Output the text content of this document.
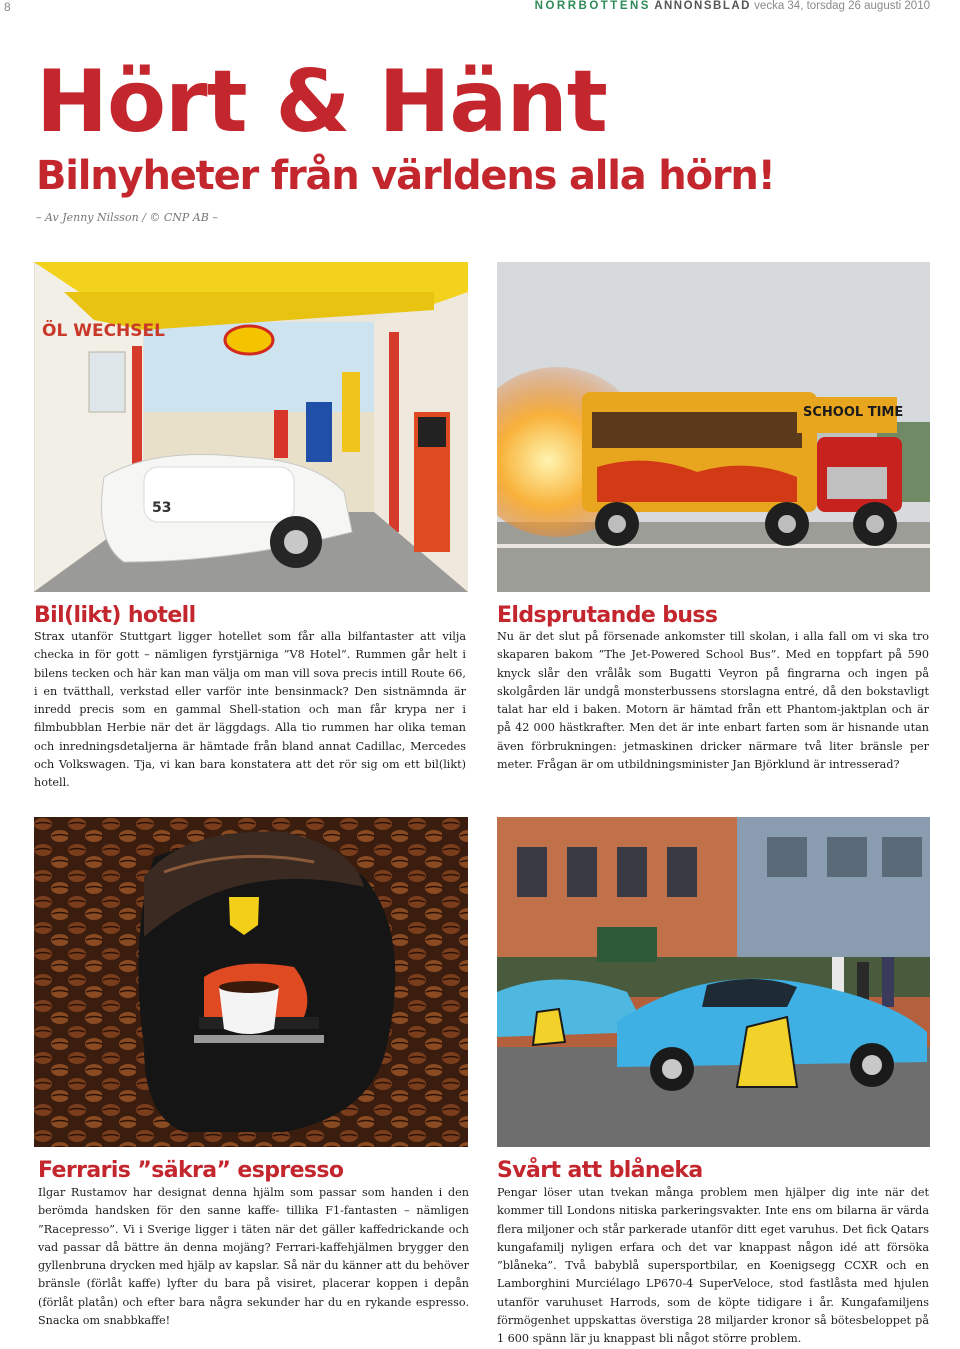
8	NORRBOTTENS ANNONSBLAD vecka 34, torsdag 26 augusti 2010
Hört & Hänt
Bilnyheter från världens alla hörn!
– Av Jenny Nilsson / © CNP AB –
ÖL WECHSEL
53
SCHOOL TIME
Bil(likt) hotell
Strax utanför Stuttgart ligger hotellet som får alla bilfantaster att vilja checka in för gott – nämligen fyrstjärniga ”V8 Hotel”. Rummen går helt i bilens tecken och här kan man välja om man vill sova precis intill Route 66, i en tvätthall, verkstad eller varför inte bensinmack? Den sistnämnda är inredd precis som en gammal Shell-station och man får krypa ner i filmbubblan Herbie när det är läggdags. Alla tio rummen har olika teman och inredningsdetaljerna är hämtade från bland annat Cadillac, Mercedes och Volkswagen. Tja, vi kan bara konstatera att det rör sig om ett bil(likt) hotell.
Eldsprutande buss
Nu är det slut på försenade ankomster till skolan, i alla fall om vi ska tro skaparen bakom ”The Jet-Powered School Bus”. Med en toppfart på 590 knyck slår den vrålåk som Bugatti Veyron på fingrarna och ingen på skolgården lär undgå monsterbussens storslagna entré, då den bokstavligt talat har eld i baken. Motorn är hämtad från ett Phantom-jaktplan och är på 42 000 hästkrafter. Men det är inte enbart farten som är hisnande utan även förbrukningen: jetmaskinen dricker närmare två liter bränsle per meter. Frågan är om utbildningsminister Jan Björklund är intresserad?
Ferraris ”säkra” espresso
Ilgar Rustamov har designat denna hjälm som passar som handen i den berömda handsken för den sanne kaffe- tillika F1-fantasten – nämligen ”Racepresso”. Vi i Sverige ligger i täten när det gäller kaffedrickande och vad passar då bättre än denna mojäng? Ferrari-kaffehjälmen brygger den gyllenbruna drycken med hjälp av kapslar. Så när du känner att du behöver bränsle (förlåt kaffe) lyfter du bara på visiret, placerar koppen i depån (förlåt platån) och efter bara några sekunder har du en rykande espresso. Snacka om snabbkaffe!
Svårt att blåneka
Pengar löser utan tvekan många problem men hjälper dig inte när det kommer till Londons nitiska parkeringsvakter. Inte ens om bilarna är värda flera miljoner och står parkerade utanför ditt eget varuhus. Det fick Qatars kungafamilj nyligen erfara och det var knappast någon idé att försöka ”blåneka”. Två babyblå supersportbilar, en Koenigsegg CCXR och en Lamborghini Murciélago LP670-4 SuperVeloce, stod fastlåsta med hjulen utanför varuhuset Harrods, som de köpte tidigare i år. Kungafamiljens förmögenhet uppskattas överstiga 28 miljarder kronor så bötesbeloppet på 1 600 spänn lär ju knappast bli något större problem.
